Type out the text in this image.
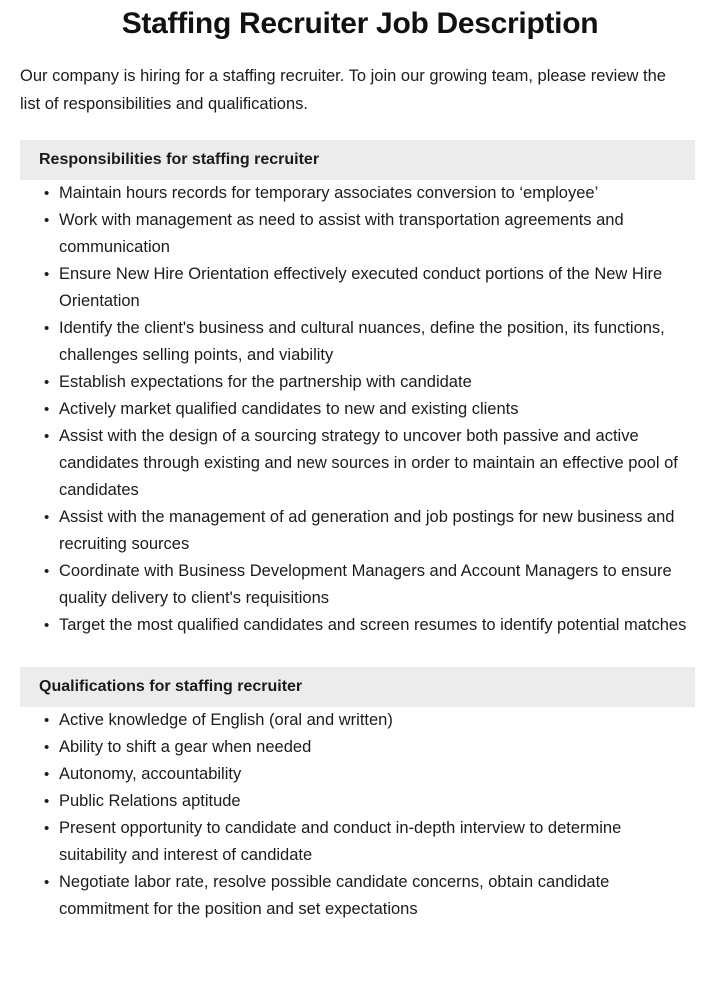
Staffing Recruiter Job Description

Our company is hiring for a staffing recruiter. To join our growing team, please review the list of responsibilities and qualifications.

Responsibilities for staffing recruiter
• Maintain hours records for temporary associates conversion to ‘employee’
• Work with management as need to assist with transportation agreements and communication
• Ensure New Hire Orientation effectively executed conduct portions of the New Hire Orientation
• Identify the client's business and cultural nuances, define the position, its functions, challenges selling points, and viability
• Establish expectations for the partnership with candidate
• Actively market qualified candidates to new and existing clients
• Assist with the design of a sourcing strategy to uncover both passive and active candidates through existing and new sources in order to maintain an effective pool of candidates
• Assist with the management of ad generation and job postings for new business and recruiting sources
• Coordinate with Business Development Managers and Account Managers to ensure quality delivery to client's requisitions
• Target the most qualified candidates and screen resumes to identify potential matches
Qualifications for staffing recruiter
• Active knowledge of English (oral and written)
• Ability to shift a gear when needed
• Autonomy, accountability
• Public Relations aptitude
• Present opportunity to candidate and conduct in-depth interview to determine suitability and interest of candidate
• Negotiate labor rate, resolve possible candidate concerns, obtain candidate commitment for the position and set expectations
